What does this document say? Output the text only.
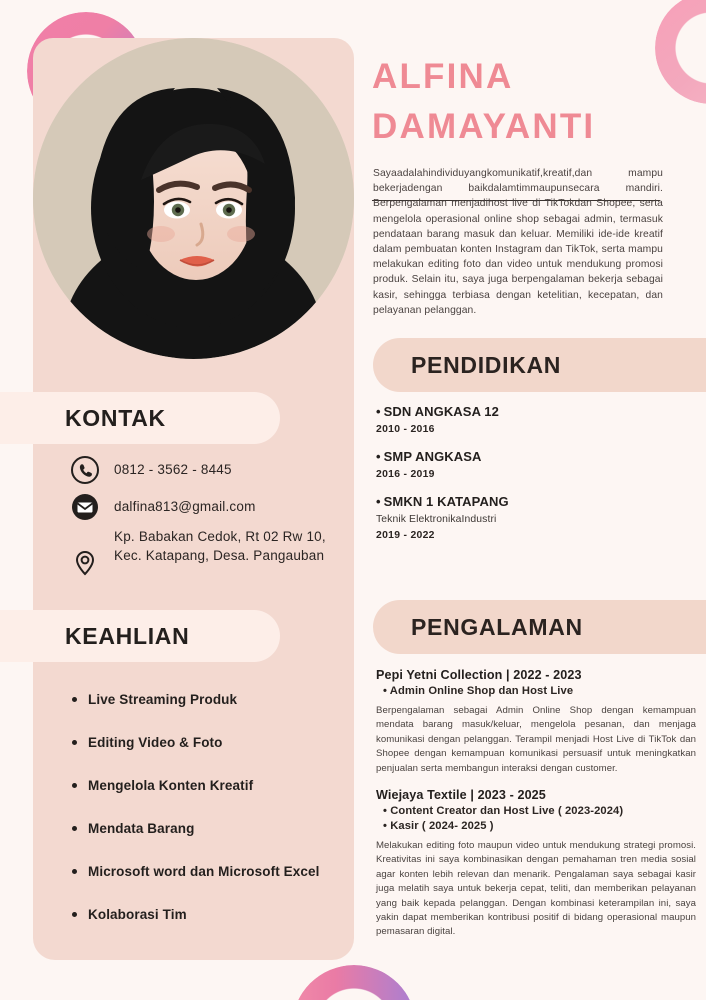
KONTAK
0812 - 3562 - 8445
dalfina813@gmail.com
Kp. Babakan Cedok, Rt 02 Rw 10, Kec. Katapang, Desa. Pangauban
KEAHLIAN
Live Streaming Produk
Editing Video & Foto
Mengelola Konten Kreatif
Mendata Barang
Microsoft word dan Microsoft Excel
Kolaborasi Tim
ALFINA
DAMAYANTI
Sayaadalahindividuyangkomunikatif,kreatif,dan mampu bekerjadengan baikdalamtimmaupunsecara mandiri. Berpengalaman menjadihost live di TikTokdan Shopee, serta mengelola operasional online shop sebagai admin, termasuk pendataan barang masuk dan keluar. Memiliki ide-ide kreatif dalam pembuatan konten Instagram dan TikTok, serta mampu melakukan editing foto dan video untuk mendukung promosi produk. Selain itu, saya juga berpengalaman bekerja sebagai kasir, sehingga terbiasa dengan ketelitian, kecepatan, dan pelayanan pelanggan.
PENDIDIKAN
• SDN ANGKASA 12
2010 - 2016
• SMP ANGKASA
2016 - 2019
• SMKN 1 KATAPANG
Teknik ElektronikaIndustri
2019 - 2022
PENGALAMAN
Pepi Yetni Collection | 2022 - 2023
• Admin Online Shop dan Host Live
Berpengalaman sebagai Admin Online Shop dengan kemampuan mendata barang masuk/keluar, mengelola pesanan, dan menjaga komunikasi dengan pelanggan. Terampil menjadi Host Live di TikTok dan Shopee dengan kemampuan komunikasi persuasif untuk meningkatkan penjualan serta membangun interaksi dengan customer.
Wiejaya Textile | 2023 - 2025
• Content Creator dan Host Live ( 2023-2024)
• Kasir ( 2024- 2025 )
Melakukan editing foto maupun video untuk mendukung strategi promosi. Kreativitas ini saya kombinasikan dengan pemahaman tren media sosial agar konten lebih relevan dan menarik. Pengalaman saya sebagai kasir juga melatih saya untuk bekerja cepat, teliti, dan memberikan pelayanan yang baik kepada pelanggan. Dengan kombinasi keterampilan ini, saya yakin dapat memberikan kontribusi positif di bidang operasional maupun pemasaran digital.
